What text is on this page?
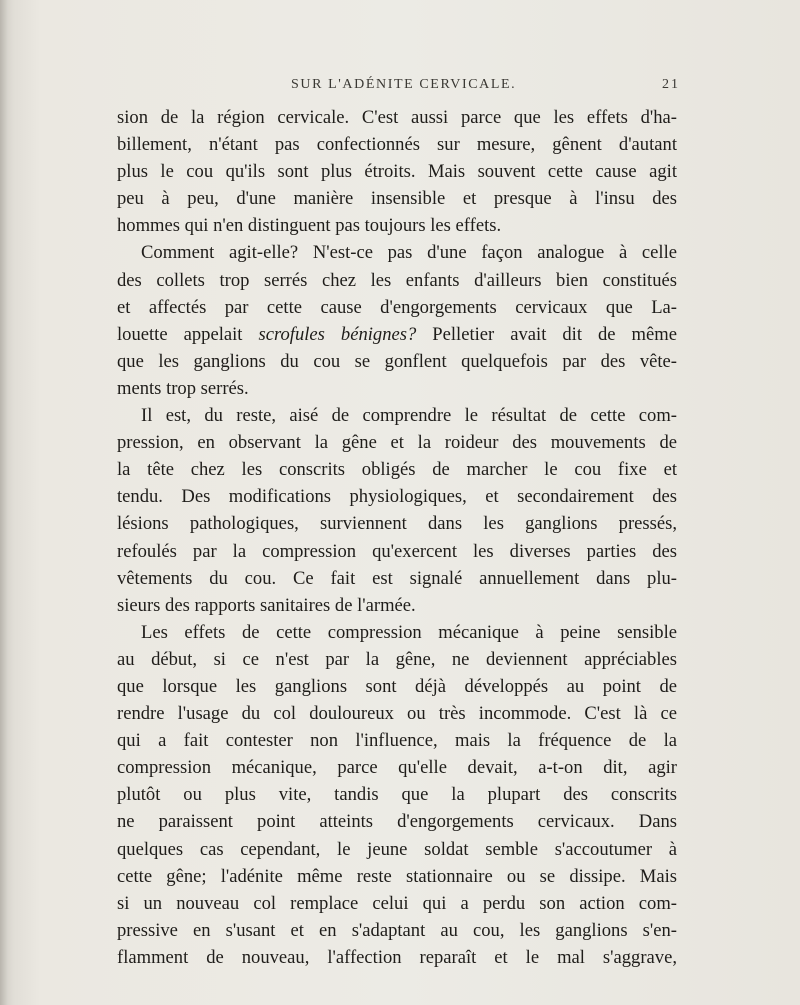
SUR L'ADÉNITE CERVICALE.	21
sion de la région cervicale. C'est aussi parce que les effets d'ha-
billement, n'étant pas confectionnés sur mesure, gênent d'autant
plus le cou qu'ils sont plus étroits. Mais souvent cette cause agit
peu à peu, d'une manière insensible et presque à l'insu des
hommes qui n'en distinguent pas toujours les effets.
Comment agit-elle? N'est-ce pas d'une façon analogue à celle
des collets trop serrés chez les enfants d'ailleurs bien constitués
et affectés par cette cause d'engorgements cervicaux que La-
louette appelait scrofules bénignes? Pelletier avait dit de même
que les ganglions du cou se gonflent quelquefois par des vête-
ments trop serrés.
Il est, du reste, aisé de comprendre le résultat de cette com-
pression, en observant la gêne et la roideur des mouvements de
la tête chez les conscrits obligés de marcher le cou fixe et
tendu. Des modifications physiologiques, et secondairement des
lésions pathologiques, surviennent dans les ganglions pressés,
refoulés par la compression qu'exercent les diverses parties des
vêtements du cou. Ce fait est signalé annuellement dans plu-
sieurs des rapports sanitaires de l'armée.
Les effets de cette compression mécanique à peine sensible
au début, si ce n'est par la gêne, ne deviennent appréciables
que lorsque les ganglions sont déjà développés au point de
rendre l'usage du col douloureux ou très incommode. C'est là ce
qui a fait contester non l'influence, mais la fréquence de la
compression mécanique, parce qu'elle devait, a-t-on dit, agir
plutôt ou plus vite, tandis que la plupart des conscrits
ne paraissent point atteints d'engorgements cervicaux. Dans
quelques cas cependant, le jeune soldat semble s'accoutumer à
cette gêne; l'adénite même reste stationnaire ou se dissipe. Mais
si un nouveau col remplace celui qui a perdu son action com-
pressive en s'usant et en s'adaptant au cou, les ganglions s'en-
flamment de nouveau, l'affection reparaît et le mal s'aggrave,
